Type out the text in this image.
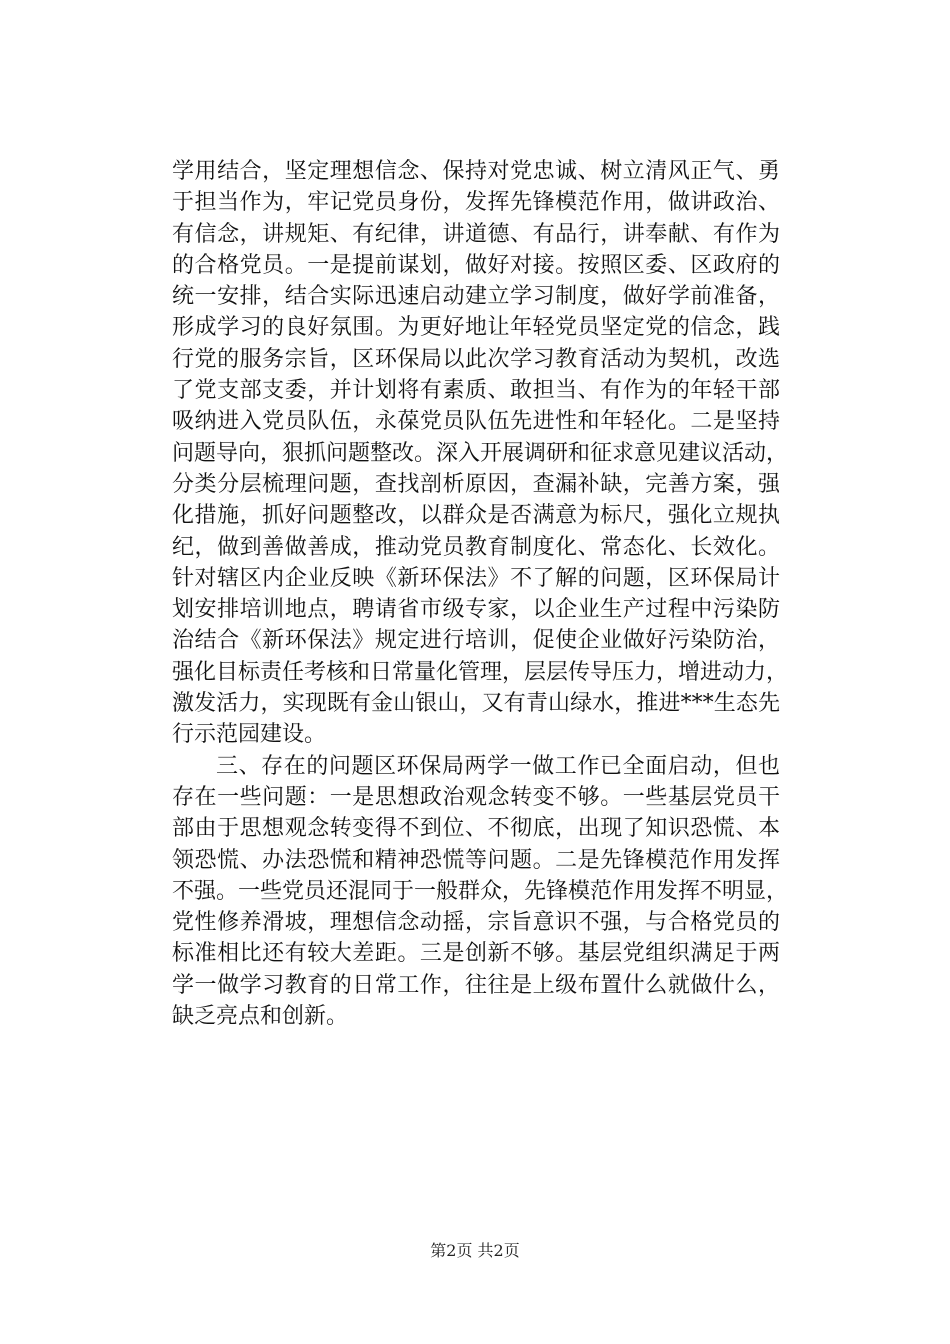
学用结合，坚定理想信念、保持对党忠诚、树立清风正气、勇
于担当作为，牢记党员身份，发挥先锋模范作用，做讲政治、
有信念，讲规矩、有纪律，讲道德、有品行，讲奉献、有作为
的合格党员。一是提前谋划，做好对接。按照区委、区政府的
统一安排，结合实际迅速启动建立学习制度，做好学前准备，
形成学习的良好氛围。为更好地让年轻党员坚定党的信念，践
行党的服务宗旨，区环保局以此次学习教育活动为契机，改选
了党支部支委，并计划将有素质、敢担当、有作为的年轻干部
吸纳进入党员队伍，永葆党员队伍先进性和年轻化。二是坚持
问题导向，狠抓问题整改。深入开展调研和征求意见建议活动，
分类分层梳理问题，查找剖析原因，查漏补缺，完善方案，强
化措施，抓好问题整改，以群众是否满意为标尺，强化立规执
纪，做到善做善成，推动党员教育制度化、常态化、长效化。
针对辖区内企业反映《新环保法》不了解的问题，区环保局计
划安排培训地点，聘请省市级专家，以企业生产过程中污染防
治结合《新环保法》规定进行培训，促使企业做好污染防治，
强化目标责任考核和日常量化管理，层层传导压力，增进动力，
激发活力，实现既有金山银山，又有青山绿水，推进***生态先
行示范园建设。
三、存在的问题区环保局两学一做工作已全面启动，但也
存在一些问题：一是思想政治观念转变不够。一些基层党员干
部由于思想观念转变得不到位、不彻底，出现了知识恐慌、本
领恐慌、办法恐慌和精神恐慌等问题。二是先锋模范作用发挥
不强。一些党员还混同于一般群众，先锋模范作用发挥不明显，
党性修养滑坡，理想信念动摇，宗旨意识不强，与合格党员的
标准相比还有较大差距。三是创新不够。基层党组织满足于两
学一做学习教育的日常工作，往往是上级布置什么就做什么，
缺乏亮点和创新。
第2页 共2页
